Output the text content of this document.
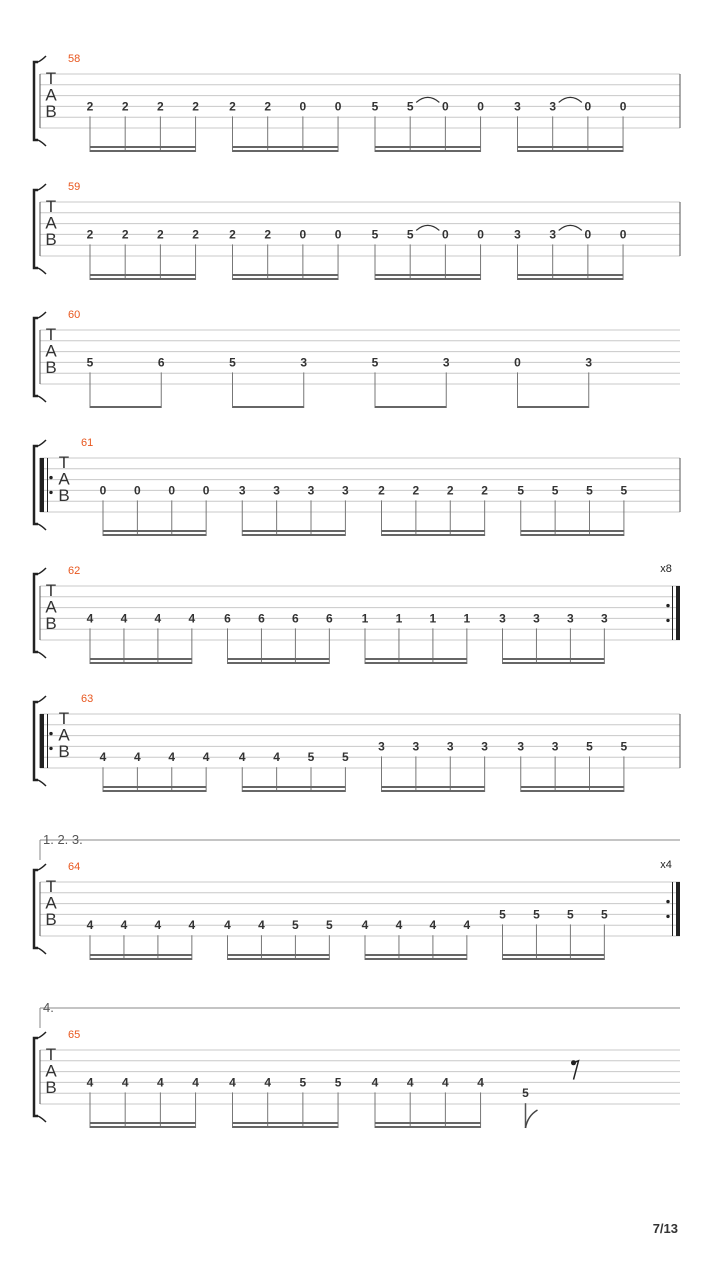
T
A
B
58
2 2 2 2	2 2 0 0	5 5 0 0	3 3 0 0
T
A
B
59
2 2 2 2	2 2 0 0	5 5 0 0	3 3 0 0
T
A
B
60
5	6	5	3	5	3	0	3
T
A
B
61
0 0 0 0 3 3 3 3 2 2 2 2 5 5 5 5
T
A
B
62	x8
4 4 4 4 6 6 6 6 1 1 1 1 3 3 3 3
T
A
B
63
4 4 4 4 4 4 5 5
3 3 3 3 3 3 5 5
1. 2. 3.
T
A
B
64	x4
4 4 4 4 4 4 5 5 4 4 4 4
5 5 5 5
4.
T
A
B
65
4 4 4 4	4 4 5 5	4 4 4 4
5
7/13
